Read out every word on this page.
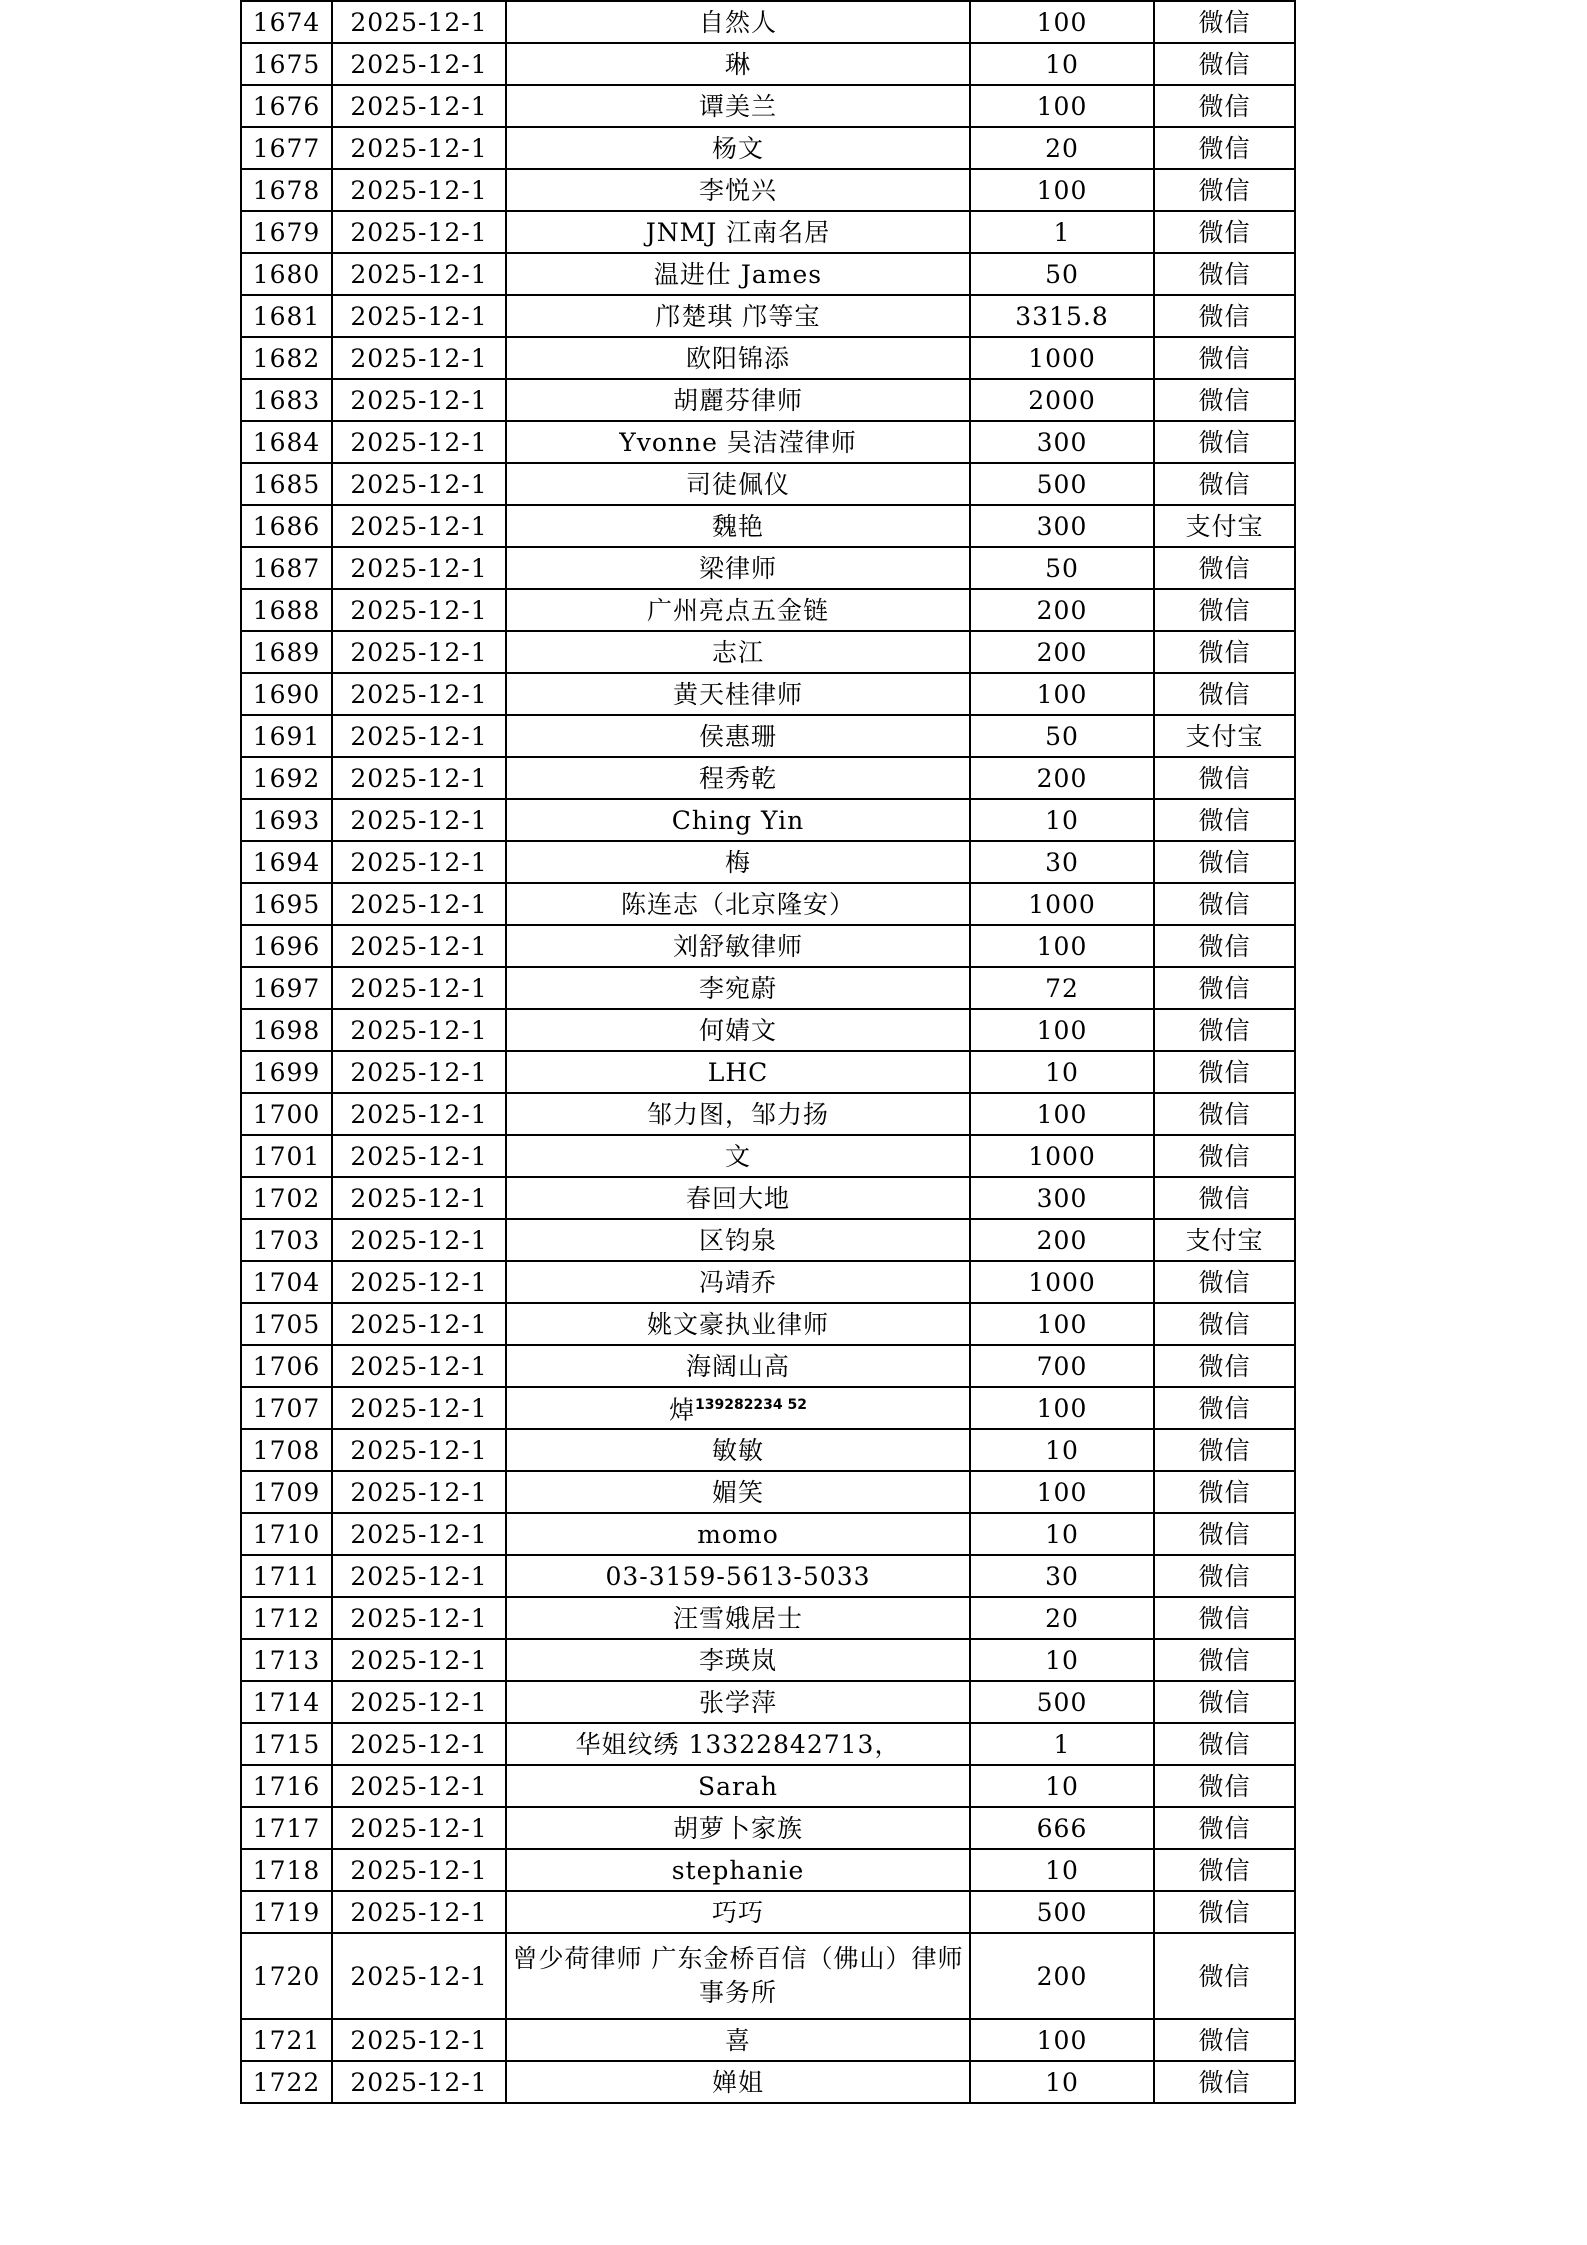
1674	2025-12-1	自然人	100	微信
1675	2025-12-1	琳	10	微信
1676	2025-12-1	谭美兰	100	微信
1677	2025-12-1	杨文	20	微信
1678	2025-12-1	李悦兴	100	微信
1679	2025-12-1	JNMJ 江南名居	1	微信
1680	2025-12-1	温进仕 James	50	微信
1681	2025-12-1	邝楚琪 邝等宝	3315.8	微信
1682	2025-12-1	欧阳锦添	1000	微信
1683	2025-12-1	胡麗芬律师	2000	微信
1684	2025-12-1	Yvonne 吴洁滢律师	300	微信
1685	2025-12-1	司徒佩仪	500	微信
1686	2025-12-1	魏艳	300	支付宝
1687	2025-12-1	梁律师	50	微信
1688	2025-12-1	广州亮点五金链	200	微信
1689	2025-12-1	志江	200	微信
1690	2025-12-1	黄天桂律师	100	微信
1691	2025-12-1	侯惠珊	50	支付宝
1692	2025-12-1	程秀乾	200	微信
1693	2025-12-1	Ching Yin	10	微信
1694	2025-12-1	梅	30	微信
1695	2025-12-1	陈连志（北京隆安）	1000	微信
1696	2025-12-1	刘舒敏律师	100	微信
1697	2025-12-1	李宛蔚	72	微信
1698	2025-12-1	何婧文	100	微信
1699	2025-12-1	LHC	10	微信
1700	2025-12-1	邹力图，邹力扬	100	微信
1701	2025-12-1	文	1000	微信
1702	2025-12-1	春回大地	300	微信
1703	2025-12-1	区钧泉	200	支付宝
1704	2025-12-1	冯靖乔	1000	微信
1705	2025-12-1	姚文豪执业律师	100	微信
1706	2025-12-1	海阔山高	700	微信
1707	2025-12-1	焯$^{139282234 52}$	100	微信
1708	2025-12-1	敏敏	10	微信
1709	2025-12-1	媚笑	100	微信
1710	2025-12-1	momo	10	微信
1711	2025-12-1	03-3159-5613-5033	30	微信
1712	2025-12-1	汪雪娥居士	20	微信
1713	2025-12-1	李瑛岚	10	微信
1714	2025-12-1	张学萍	500	微信
1715	2025-12-1	华姐纹绣 13322842713，	1	微信
1716	2025-12-1	Sarah	10	微信
1717	2025-12-1	胡萝卜家族	666	微信
1718	2025-12-1	stephanie	10	微信
1719	2025-12-1	巧巧	500	微信
1720	2025-12-1	曾少荷律师 广东金桥百信（佛山）律师事务所	200	微信
1721	2025-12-1	喜	100	微信
1722	2025-12-1	婵姐	10	微信
